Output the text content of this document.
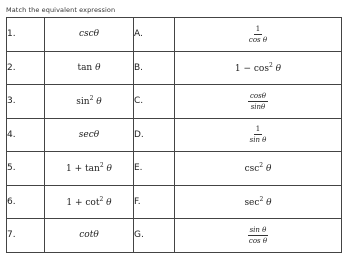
Match the equivalent expression
1.	cscθ	A.	$\frac{1}{\text{cos θ}}$

2.	tan θ	B.	$1 - \cos^2 \theta$
3.	$\sin^2 \theta$	C.	$\frac{\cos\theta}{\sin\theta}$

4.	secθ	D.	$\frac{1}{\text{sin θ}}$

5.	$1 + \tan^2 \theta$	E.	$\csc^2 \theta$
6.	$1 + \cot^2 \theta$	F.	$\sec^2 \theta$
7.	cotθ	G.	$\frac{\text{sin θ}}{\text{cos θ}}$
